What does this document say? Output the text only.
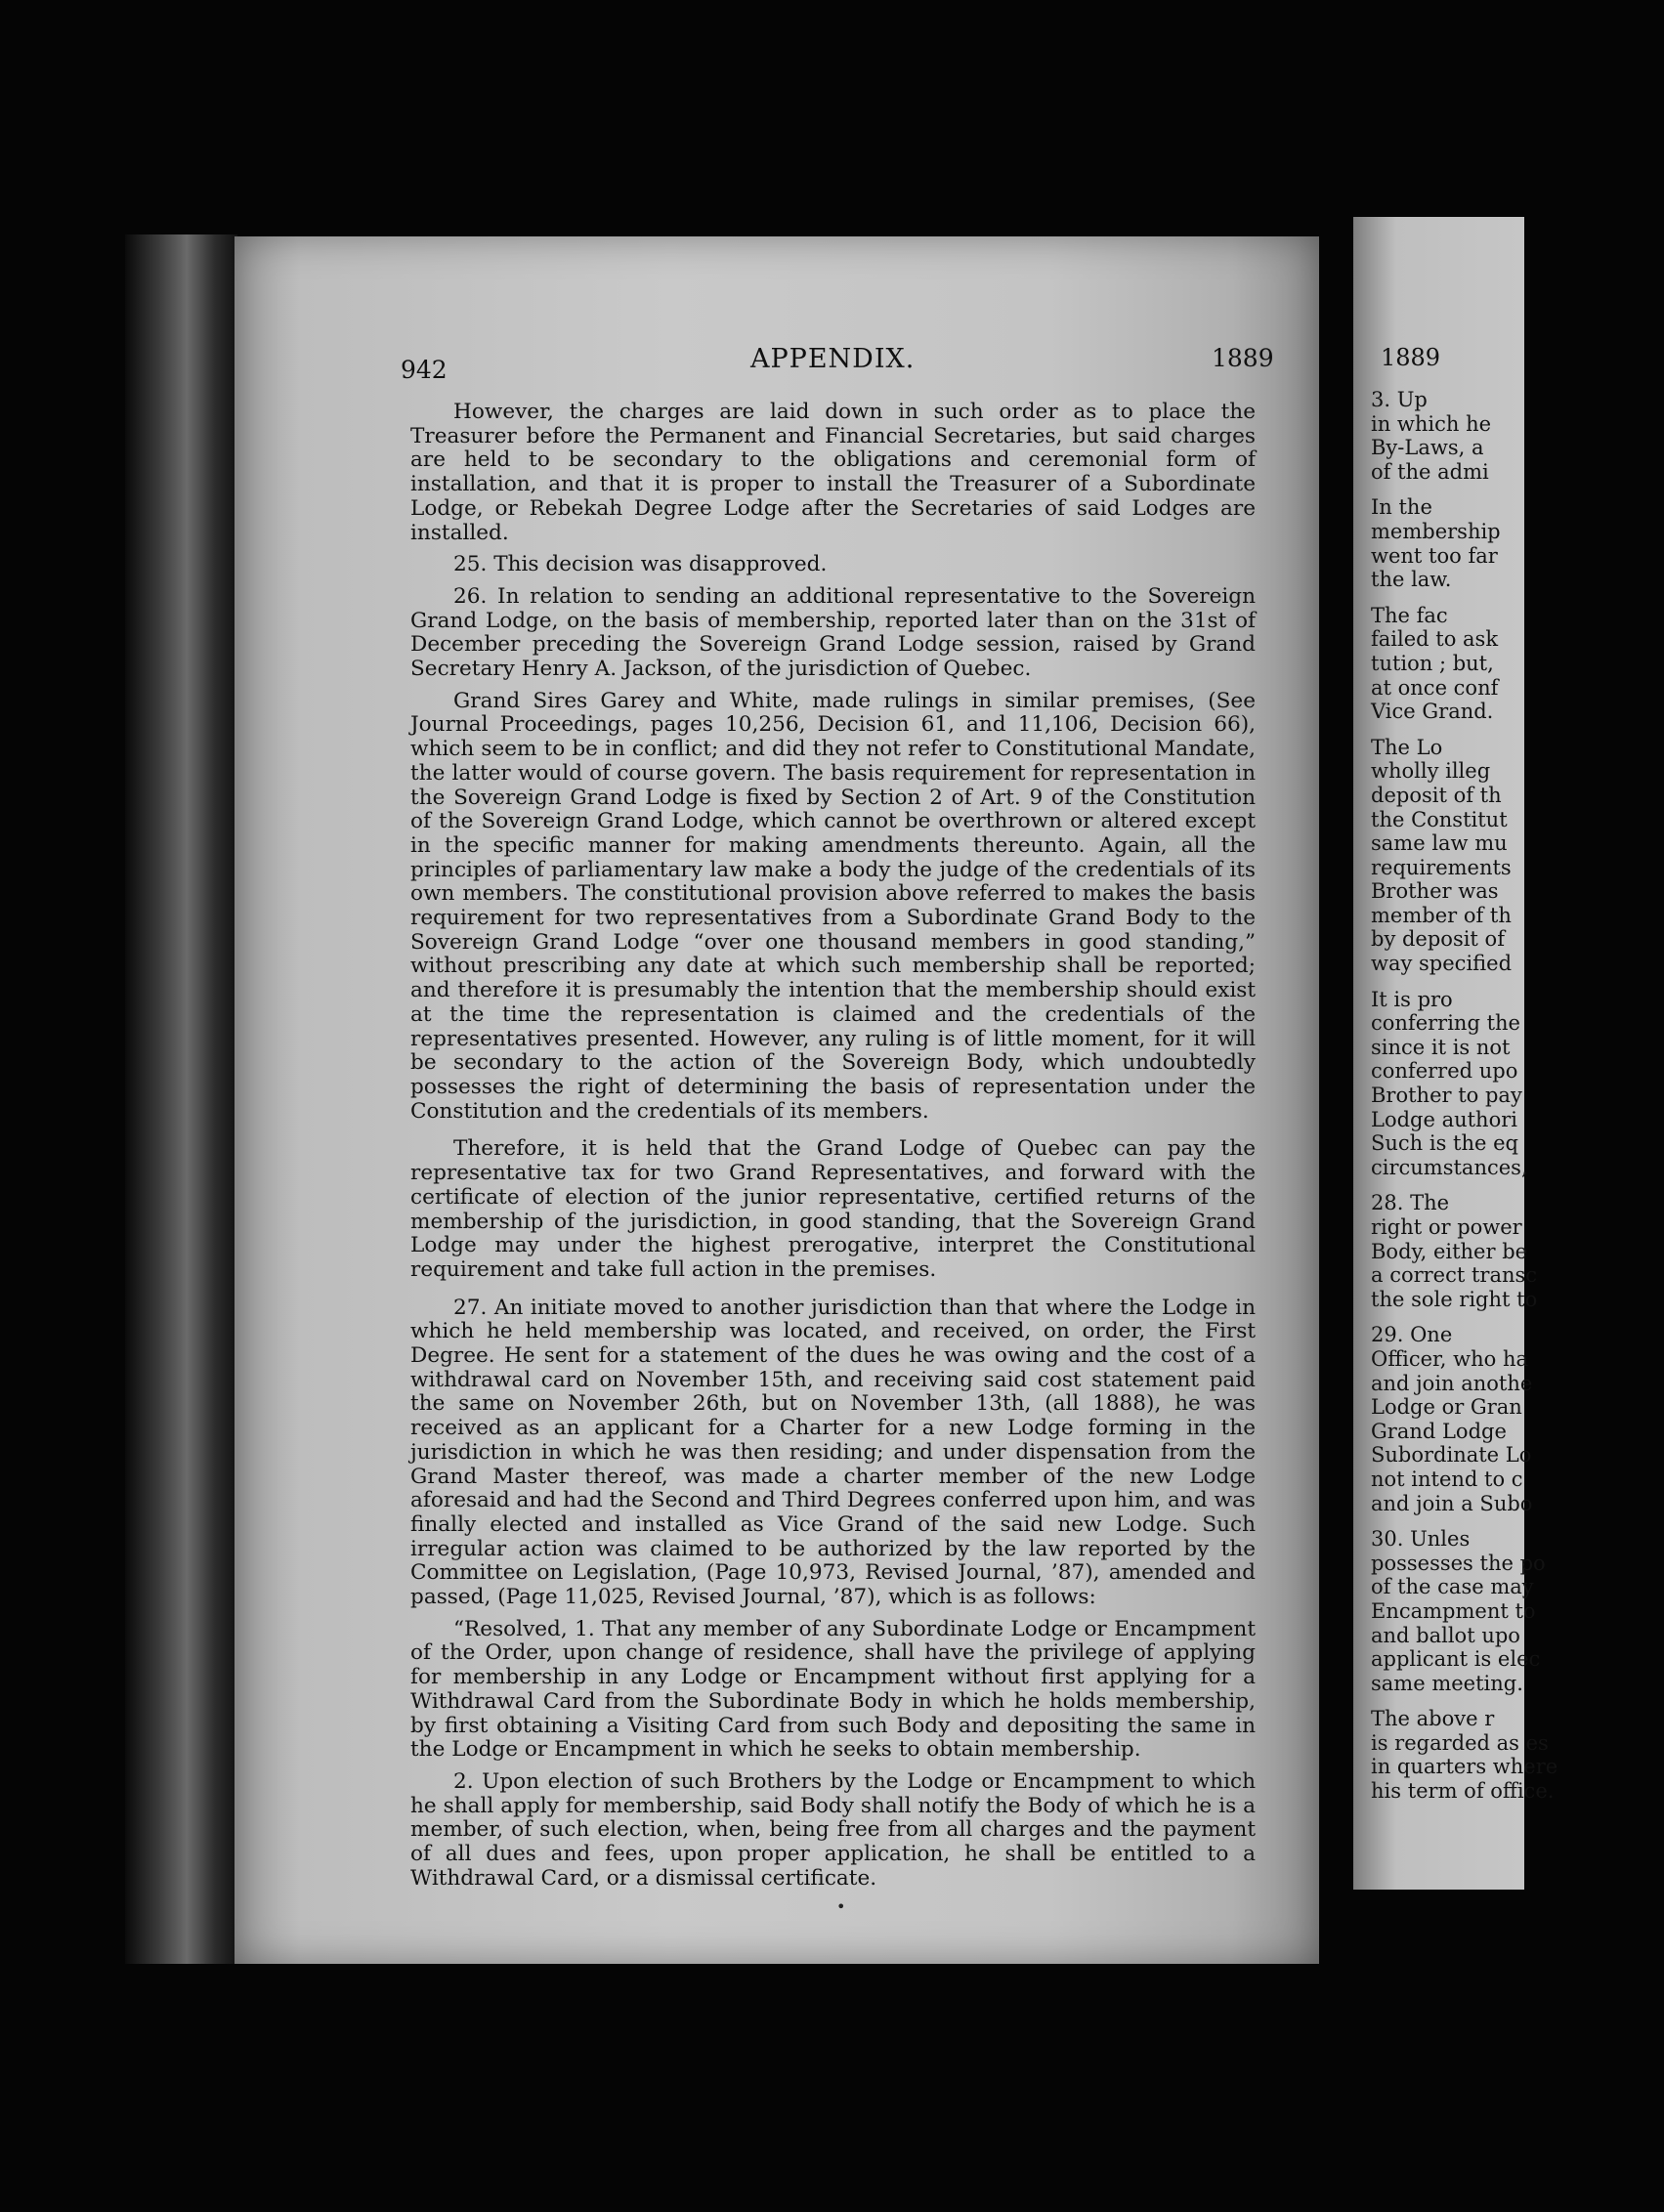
942	APPENDIX.	1889

However, the charges are laid down in such order as to place the Treasurer before the Permanent and Financial Secretaries, but said charges are held to be secondary to the obligations and ceremonial form of installation, and that it is proper to install the Treasurer of a Subordinate Lodge, or Rebekah Degree Lodge after the Secretaries of said Lodges are installed.

25. This decision was disapproved.

26. In relation to sending an additional representative to the Sovereign Grand Lodge, on the basis of membership, reported later than on the 31st of December preceding the Sovereign Grand Lodge session, raised by Grand Secretary Henry A. Jackson, of the jurisdiction of Quebec.

Grand Sires Garey and White, made rulings in similar premises, (See Journal Proceedings, pages 10,256, Decision 61, and 11,106, Decision 66), which seem to be in conflict; and did they not refer to Constitutional Mandate, the latter would of course govern. The basis requirement for representation in the Sovereign Grand Lodge is fixed by Section 2 of Art. 9 of the Constitution of the Sovereign Grand Lodge, which cannot be overthrown or altered except in the specific manner for making amendments thereunto. Again, all the principles of parliamentary law make a body the judge of the credentials of its own members. The constitutional provision above referred to makes the basis requirement for two representatives from a Subordinate Grand Body to the Sovereign Grand Lodge “over one thousand members in good standing,” without prescribing any date at which such membership shall be reported; and therefore it is presumably the intention that the membership should exist at the time the representation is claimed and the credentials of the representatives presented. However, any ruling is of little moment, for it will be secondary to the action of the Sovereign Body, which undoubtedly possesses the right of determining the basis of representation under the Constitution and the credentials of its members.

Therefore, it is held that the Grand Lodge of Quebec can pay the representative tax for two Grand Representatives, and forward with the certificate of election of the junior representative, certified returns of the membership of the jurisdiction, in good standing, that the Sovereign Grand Lodge may under the highest prerogative, interpret the Constitutional requirement and take full action in the premises.

27. An initiate moved to another jurisdiction than that where the Lodge in which he held membership was located, and received, on order, the First Degree. He sent for a statement of the dues he was owing and the cost of a withdrawal card on November 15th, and receiving said cost statement paid the same on November 26th, but on November 13th, (all 1888), he was received as an applicant for a Charter for a new Lodge forming in the jurisdiction in which he was then residing; and under dispensation from the Grand Master thereof, was made a charter member of the new Lodge aforesaid and had the Second and Third Degrees conferred upon him, and was finally elected and installed as Vice Grand of the said new Lodge. Such irregular action was claimed to be authorized by the law reported by the Committee on Legislation, (Page 10,973, Revised Journal, ’87), amended and passed, (Page 11,025, Revised Journal, ’87), which is as follows:

“Resolved, 1. That any member of any Subordinate Lodge or Encampment of the Order, upon change of residence, shall have the privilege of applying for membership in any Lodge or Encampment without first applying for a Withdrawal Card from the Subordinate Body in which he holds membership, by first obtaining a Visiting Card from such Body and depositing the same in the Lodge or Encampment in which he seeks to obtain membership.

2. Upon election of such Brothers by the Lodge or Encampment to which he shall apply for membership, said Body shall notify the Body of which he is a member, of such election, when, being free from all charges and the payment of all dues and fees, upon proper application, he shall be entitled to a Withdrawal Card, or a dismissal certificate.

•
1889
3. Up
in which he
By-Laws, a
of the admi
In the
membership
went too far
the law.
The fac
failed to ask
tution ; but,
at once conf
Vice Grand.
The Lo
wholly illeg
deposit of th
the Constitut
same law mu
requirements
Brother was
member of th
by deposit of
way specified
It is pro
conferring the
since it is not
conferred upo
Brother to pay
Lodge authori
Such is the eq
circumstances,
28. The
right or power
Body, either be
a correct transc
the sole right to
29. One
Officer, who ha
and join anothe
Lodge or Gran
Grand Lodge
Subordinate Lo
not intend to c
and join a Subo
30. Unles
possesses the po
of the case may
Encampment to
and ballot upo
applicant is elec
same meeting.
The above r
is regarded as es
in quarters where
his term of office.
